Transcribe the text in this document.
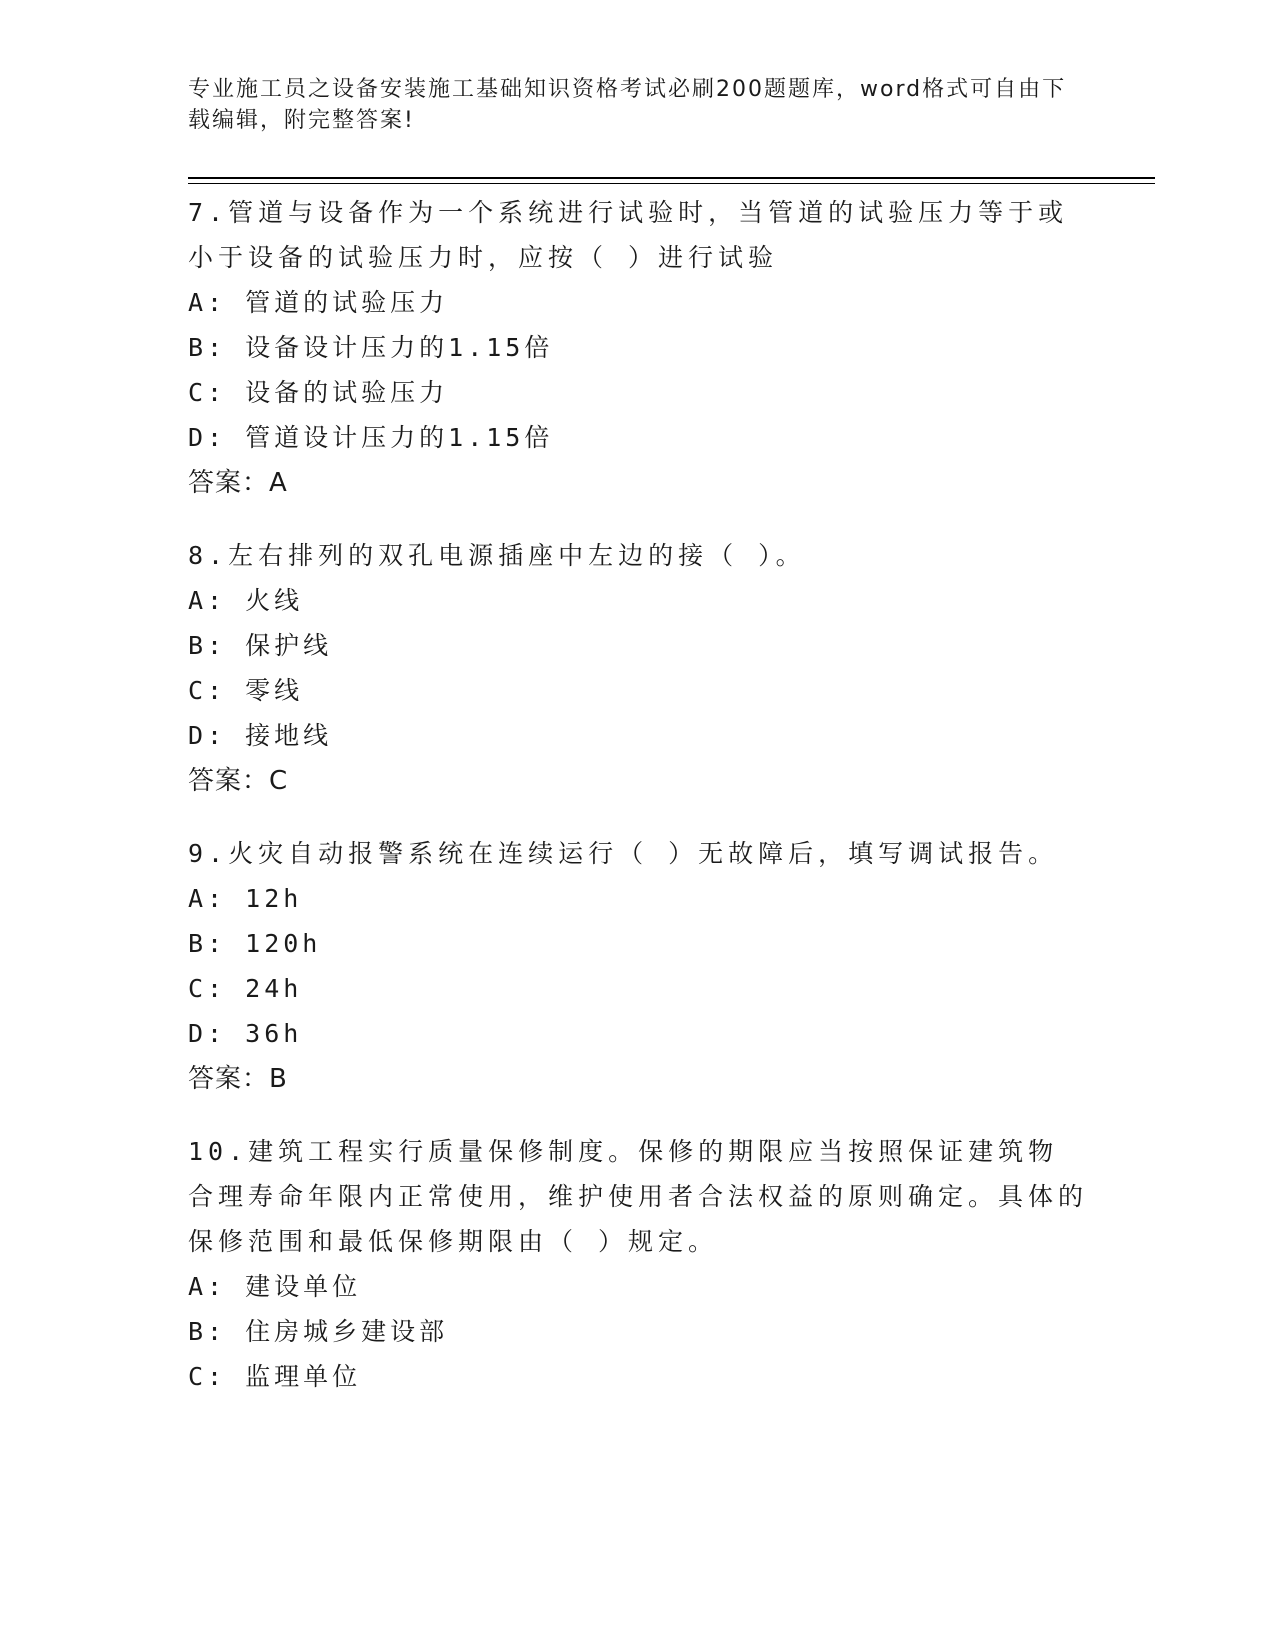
专业施工员之设备安装施工基础知识资格考试必刷200题题库，word格式可自由下载编辑，附完整答案!
7.管道与设备作为一个系统进行试验时，当管道的试验压力等于或小于设备的试验压力时，应按（ ）进行试验
A: 管道的试验压力
B: 设备设计压力的1.15倍
C: 设备的试验压力
D: 管道设计压力的1.15倍
答案：A
8.左右排列的双孔电源插座中左边的接（ ）。
A: 火线
B: 保护线
C: 零线
D: 接地线
答案：C
9.火灾自动报警系统在连续运行（ ）无故障后，填写调试报告。
A: 12h
B: 120h
C: 24h
D: 36h
答案：B
10.建筑工程实行质量保修制度。保修的期限应当按照保证建筑物合理寿命年限内正常使用，维护使用者合法权益的原则确定。具体的保修范围和最低保修期限由（ ）规定。
A: 建设单位
B: 住房城乡建设部
C: 监理单位
